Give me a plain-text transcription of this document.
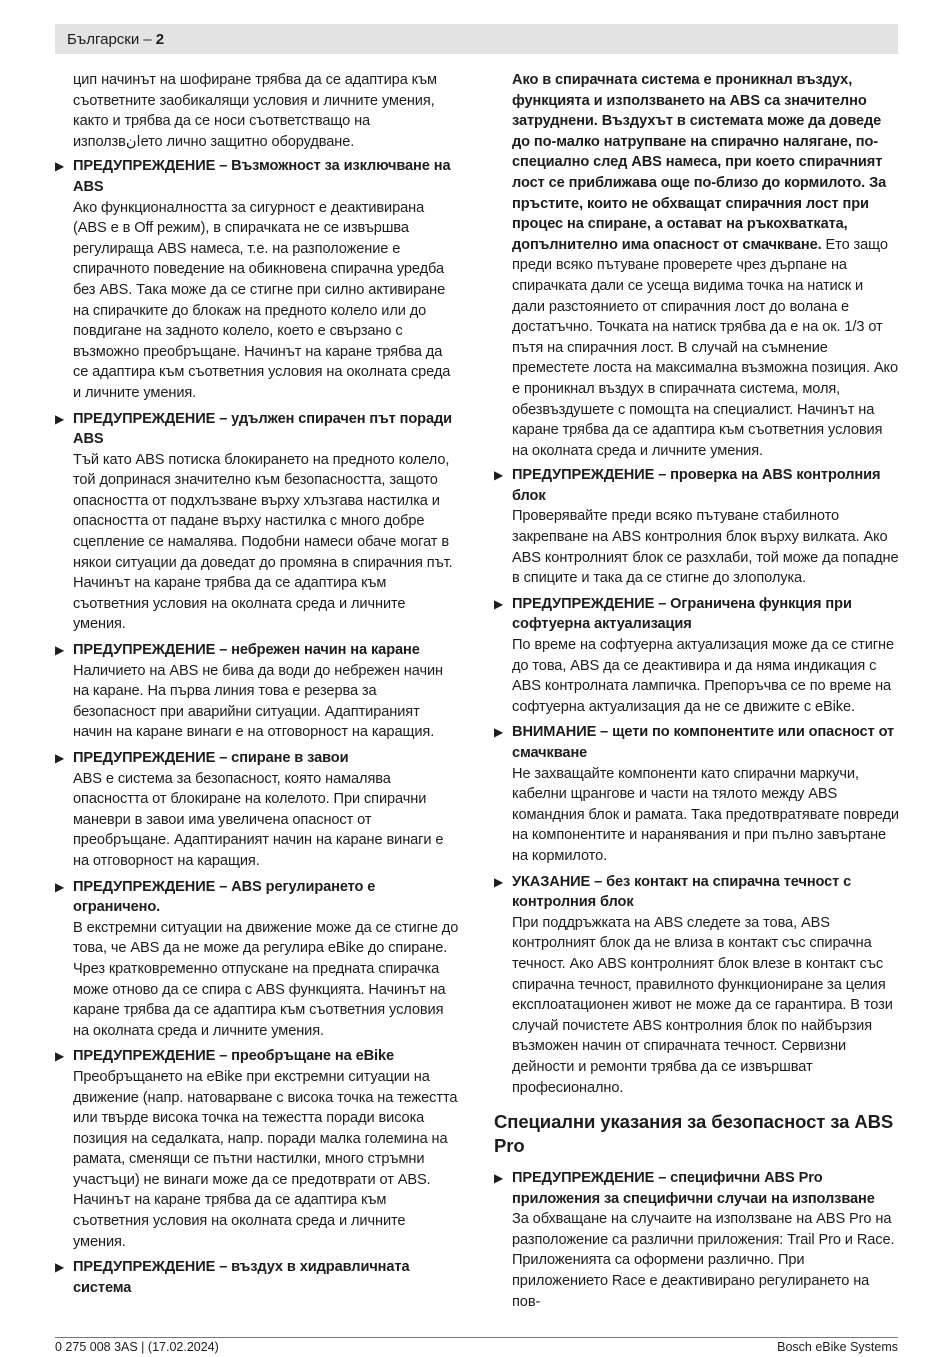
Български – 2
цип начинът на шофиране трябва да се адаптира към съответните заобикалящи условия и личните умения, както и трябва да се носи съответстващо на използвانето лично защитно оборудване.
▶ ПРЕДУПРЕЖДЕНИЕ – Възможност за изключване на ABS
Ако функционалността за сигурност е деактивирана (ABS е в Off режим), в спирачката не се извършва регулираща ABS намеса, т.е. на разположение е спирачното поведение на обикновена спирачна уредба без ABS. Така може да се стигне при силно активиране на спирачките до блокаж на предното колело или до повдигане на задното колело, което е свързано с възможно преобръщане. Начинът на каране трябва да се адаптира към съответния условия на околната среда и личните умения.
▶ ПРЕДУПРЕЖДЕНИЕ – удължен спирачен път поради ABS
Тъй като ABS потиска блокирането на предното колело, той допринася значително към безопасността, защото опасността от подхлъзване върху хлъзгава настилка и опасността от падане върху настилка с много добре сцепление се намалява. Подобни намеси обаче могат в някои ситуации да доведат до промяна в спирачния път. Начинът на каране трябва да се адаптира към съответния условия на околната среда и личните умения.
▶ ПРЕДУПРЕЖДЕНИЕ – небрежен начин на каране
Наличието на ABS не бива да води до небрежен начин на каране. На първа линия това е резерва за безопасност при аварийни ситуации. Адаптираният начин на каране винаги е на отговорност на каращия.
▶ ПРЕДУПРЕЖДЕНИЕ – спиране в завои
ABS е система за безопасност, която намалява опасността от блокиране на колелото. При спирачни маневри в завои има увеличена опасност от преобръщане. Адаптираният начин на каране винаги е на отговорност на каращия.
▶ ПРЕДУПРЕЖДЕНИЕ – ABS регулирането е ограничено.
В екстремни ситуации на движение може да се стигне до това, че ABS да не може да регулира eBike до спиране. Чрез кратковременно отпускане на предната спирачка може отново да се спира с ABS функцията. Начинът на каране трябва да се адаптира към съответния условия на околната среда и личните умения.
▶ ПРЕДУПРЕЖДЕНИЕ – преобръщане на eBike
Преобръщането на eBike при екстремни ситуации на движение (напр. натоварване с висока точка на тежестта или твърде висока точка на тежестта поради висока позиция на седалката, напр. поради малка големина на рамата, сменящи се пътни настилки, много стръмни участъци) не винаги може да се предотврати от ABS. Начинът на каране трябва да се адаптира към съответния условия на околната среда и личните умения.
▶ ПРЕДУПРЕЖДЕНИЕ – въздух в хидравличната система
Ако в спирачната система е проникнал въздух, функцията и използването на ABS са значително затруднени. Въздухът в системата може да доведе до по-малко натрупване на спирачно налягане, по-специално след ABS намеса, при което спирачният лост се приближава още по-близо до кормилото. За пръстите, които не обхващат спирачния лост при процес на спиране, а остават на ръкохватката, допълнително има опасност от смачкване. Ето защо преди всяко пътуване проверете чрез дърпане на спирачката дали се усеща видима точка на натиск и дали разстоянието от спирачния лост до волана е достатъчно. Точката на натиск трябва да е на ок. 1/3 от пътя на спирачния лост. В случай на съмнение преместете лоста на максимална възможна позиция. Ако е проникнал въздух в спирачната система, моля, обезвъздушете с помощта на специалист. Начинът на каране трябва да се адаптира към съответния условия на околната среда и личните умения.
▶ ПРЕДУПРЕЖДЕНИЕ – проверка на ABS контролния блок
Проверявайте преди всяко пътуване стабилното закрепване на ABS контролния блок върху вилката. Ако ABS контролният блок се разхлаби, той може да попадне в спиците и така да се стигне до злополука.
▶ ПРЕДУПРЕЖДЕНИЕ – Ограничена функция при софтуерна актуализация
По време на софтуерна актуализация може да се стигне до това, ABS да се деактивира и да няма индикация с ABS контролната лампичка. Препоръчва се по време на софтуерна актуализация да не се движите с eBike.
▶ ВНИМАНИЕ – щети по компонентите или опасност от смачкване
Не захващайте компоненти като спирачни маркучи, кабелни щрангове и части на тялото между ABS командния блок и рамата. Така предотвратявате повреди на компонентите и наранявания и при пълно завъртане на кормилото.
▶ УКАЗАНИЕ – без контакт на спирачна течност с контролния блок
При поддръжката на ABS следете за това, ABS контролният блок да не влиза в контакт със спирачна течност. Ако ABS контролният блок влезе в контакт със спирачна течност, правилното функциониране за целия експлоатационен живот не може да се гарантира. В този случай почистете ABS контролния блок по найбързия възможен начин от спирачната течност. Сервизни дейности и ремонти трябва да се извършват професионално.
Специални указания за безопасност за ABS Pro
▶ ПРЕДУПРЕЖДЕНИЕ – специфични ABS Pro приложения за специфични случаи на използване
За обхващане на случаите на използване на ABS Pro на разположение са различни приложения: Trail Pro и Race. Приложенията са оформени различно. При приложението Race е деактивирано регулирането на пов-
0 275 008 3AS | (17.02.2024)	Bosch eBike Systems
